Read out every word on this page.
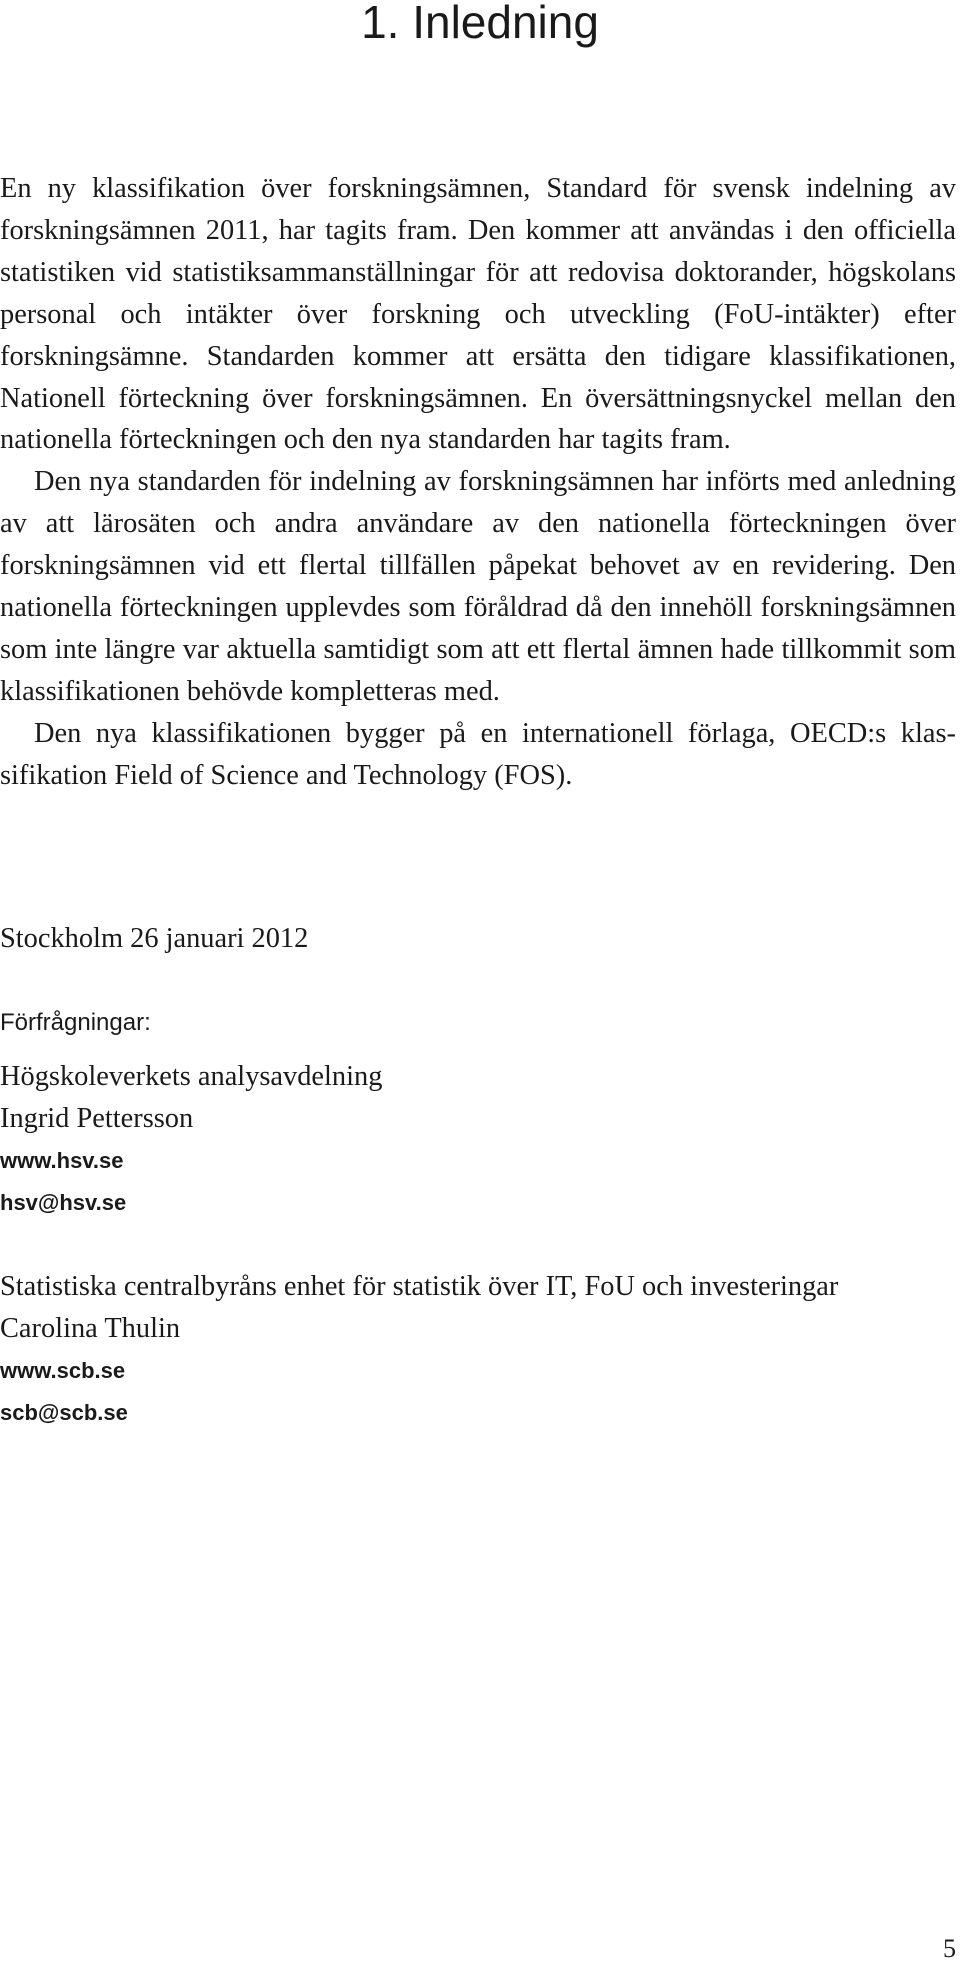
1. Inledning

En ny klassifikation över forskningsämnen, Standard för svensk indelning av forskningsämnen 2011, har tagits fram. Den kommer att användas i den officiella statistiken vid statistiksammanställningar för att redovisa doktorander, högskolans personal och intäkter över forskning och utveckling (FoU-intäkter) efter forskningsämne. Standarden kommer att ersätta den tidigare klassifikationen, Nationell förteckning över forskningsämnen. En översättningsnyckel mellan den nationella förteckningen och den nya standarden har tagits fram.

Den nya standarden för indelning av forskningsämnen har införts med anledning av att lärosäten och andra användare av den nationella förteckningen över forskningsämnen vid ett flertal tillfällen påpekat behovet av en revidering. Den nationella förteckningen upplevdes som föråldrad då den innehöll forskningsämnen som inte längre var aktuella samtidigt som att ett flertal ämnen hade tillkommit som klassifikationen behövde kompletteras med.

Den nya klassifikationen bygger på en internationell förlaga, OECD:s klassifikation Field of Science and Technology (FOS).

Stockholm 26 januari 2012

Förfrågningar:

Högskoleverkets analysavdelning

Ingrid Pettersson

www.hsv.se

hsv@hsv.se

Statistiska centralbyråns enhet för statistik över IT, FoU och investeringar

Carolina Thulin

www.scb.se

scb@scb.se

5
